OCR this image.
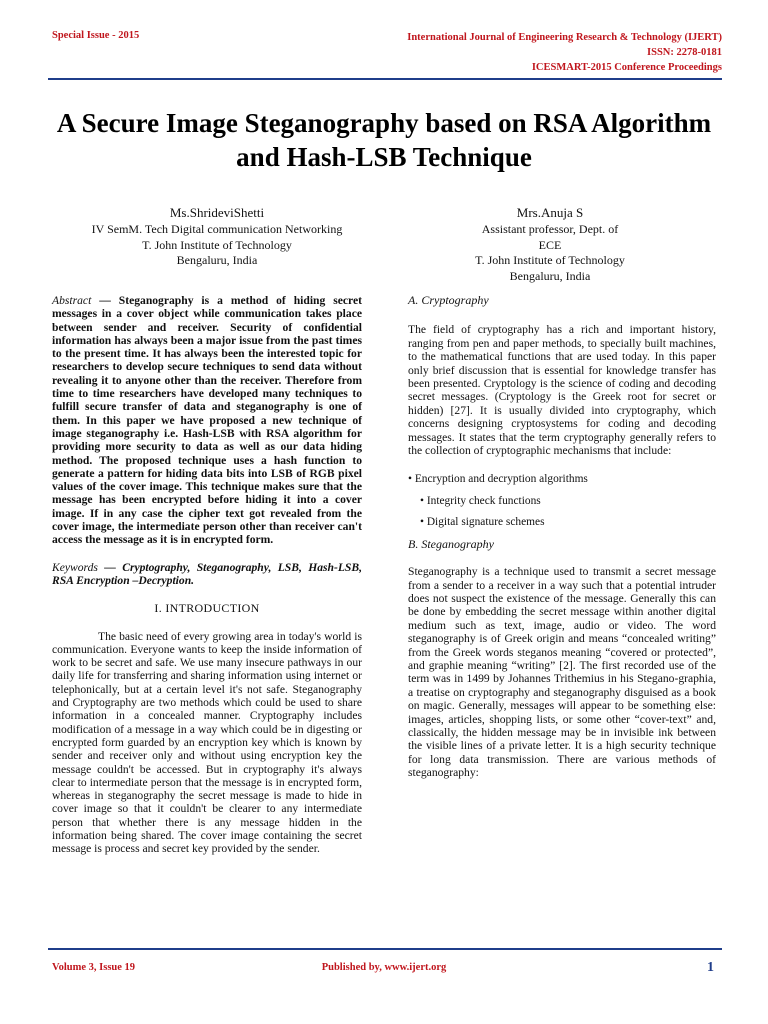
Special Issue - 2015	International Journal of Engineering Research & Technology (IJERT)
ISSN: 2278-0181
ICESMART-2015 Conference Proceedings
A Secure Image Steganography based on RSA Algorithm and Hash-LSB Technique
Ms.ShrideviShetti
IV SemM. Tech Digital communication Networking
T. John Institute of Technology
Bengaluru, India
Mrs.Anuja S
Assistant professor, Dept. of
ECE
T. John Institute of Technology
Bengaluru, India
Abstract — Steganography is a method of hiding secret messages in a cover object while communication takes place between sender and receiver. Security of confidential information has always been a major issue from the past times to the present time. It has always been the interested topic for researchers to develop secure techniques to send data without revealing it to anyone other than the receiver. Therefore from time to time researchers have developed many techniques to fulfill secure transfer of data and steganography is one of them. In this paper we have proposed a new technique of image steganography i.e. Hash-LSB with RSA algorithm for providing more security to data as well as our data hiding method. The proposed technique uses a hash function to generate a pattern for hiding data bits into LSB of RGB pixel values of the cover image. This technique makes sure that the message has been encrypted before hiding it into a cover image. If in any case the cipher text got revealed from the cover image, the intermediate person other than receiver can't access the message as it is in encrypted form.
Keywords — Cryptography, Steganography, LSB, Hash-LSB, RSA Encryption –Decryption.
I. INTRODUCTION
The basic need of every growing area in today's world is communication. Everyone wants to keep the inside information of work to be secret and safe. We use many insecure pathways in our daily life for transferring and sharing information using internet or telephonically, but at a certain level it's not safe. Steganography and Cryptography are two methods which could be used to share information in a concealed manner. Cryptography includes modification of a message in a way which could be in digesting or encrypted form guarded by an encryption key which is known by sender and receiver only and without using encryption key the message couldn't be accessed. But in cryptography it's always clear to intermediate person that the message is in encrypted form, whereas in steganography the secret message is made to hide in cover image so that it couldn't be clearer to any intermediate person that whether there is any message hidden in the information being shared. The cover image containing the secret message is process and secret key provided by the sender.
A. Cryptography
The field of cryptography has a rich and important history, ranging from pen and paper methods, to specially built machines, to the mathematical functions that are used today. In this paper only brief discussion that is essential for knowledge transfer has been presented. Cryptology is the science of coding and decoding secret messages. (Cryptology is the Greek root for secret or hidden) [27]. It is usually divided into cryptography, which concerns designing cryptosystems for coding and decoding messages. It states that the term cryptography generally refers to the collection of cryptographic mechanisms that include:
• Encryption and decryption algorithms
• Integrity check functions
• Digital signature schemes
B. Steganography
Steganography is a technique used to transmit a secret message from a sender to a receiver in a way such that a potential intruder does not suspect the existence of the message. Generally this can be done by embedding the secret message within another digital medium such as text, image, audio or video. The word steganography is of Greek origin and means “concealed writing” from the Greek words steganos meaning “covered or protected”, and graphie meaning “writing” [2]. The first recorded use of the term was in 1499 by Johannes Trithemius in his Stegano-graphia, a treatise on cryptography and steganography disguised as a book on magic. Generally, messages will appear to be something else: images, articles, shopping lists, or some other “cover-text” and, classically, the hidden message may be in invisible ink between the visible lines of a private letter. It is a high security technique for long data transmission. There are various methods of steganography:
Volume 3, Issue 19	Published by, www.ijert.org	1
